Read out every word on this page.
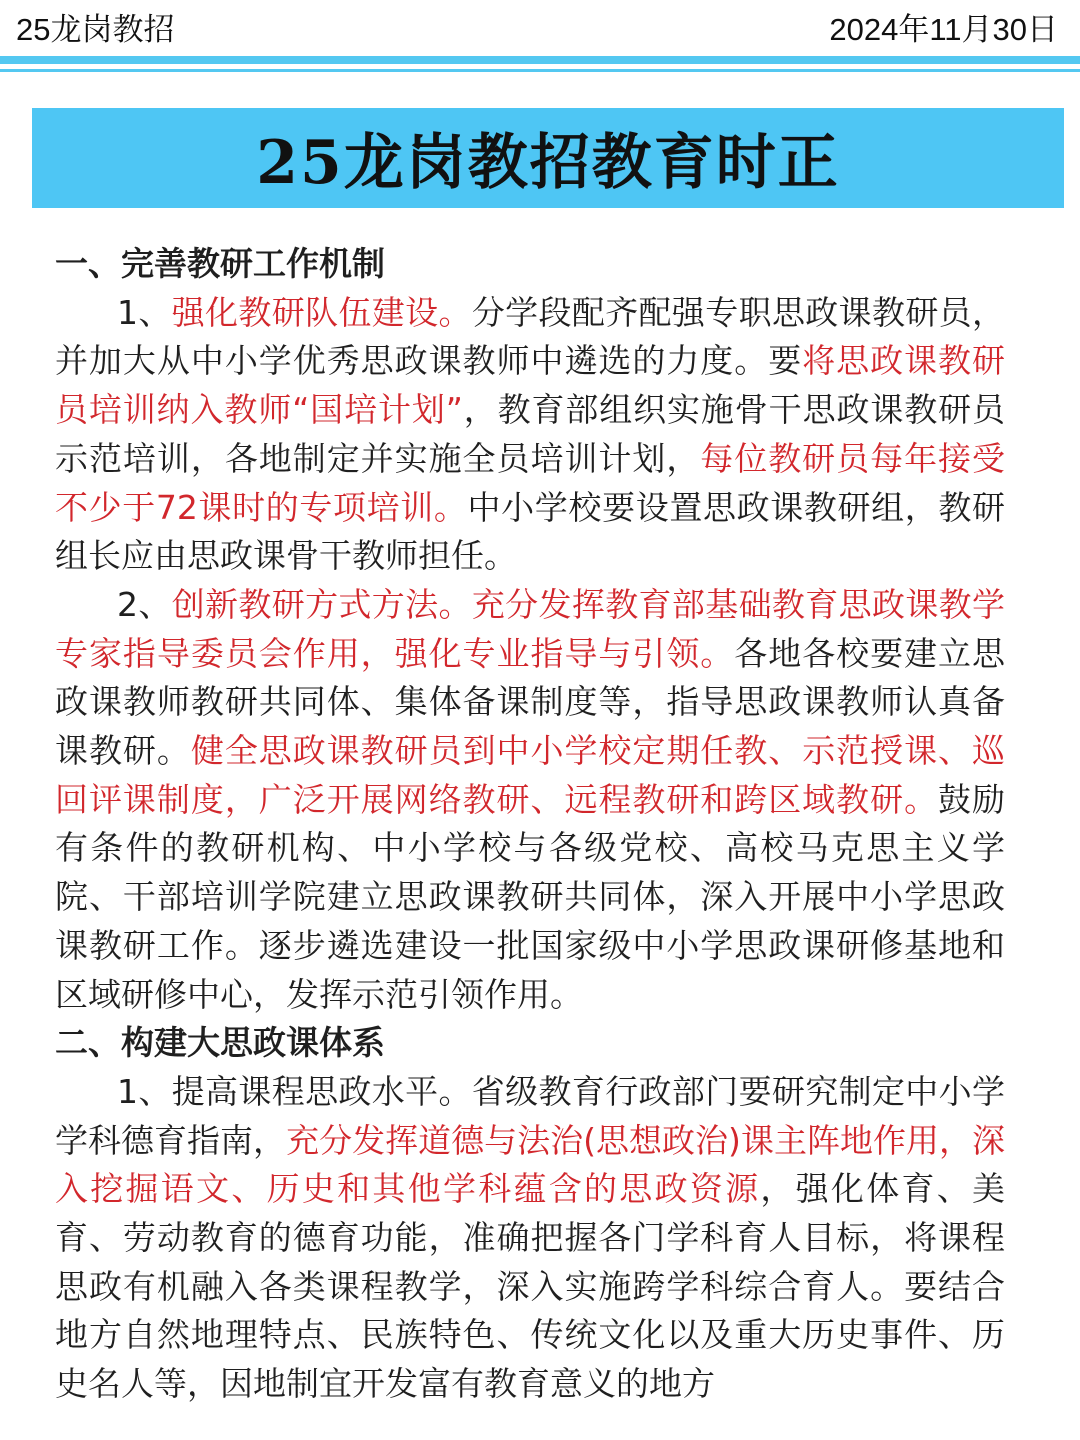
25龙岗教招	2024年11月30日
25龙岗教招教育时正
一、完善教研工作机制

1、强化教研队伍建设。分学段配齐配强专职思政课教研员，并加大从中小学优秀思政课教师中遴选的力度。要将思政课教研员培训纳入教师“国培计划”，教育部组织实施骨干思政课教研员示范培训，各地制定并实施全员培训计划，每位教研员每年接受不少于72课时的专项培训。中小学校要设置思政课教研组，教研组长应由思政课骨干教师担任。

2、创新教研方式方法。充分发挥教育部基础教育思政课教学专家指导委员会作用，强化专业指导与引领。各地各校要建立思政课教师教研共同体、集体备课制度等，指导思政课教师认真备课教研。健全思政课教研员到中小学校定期任教、示范授课、巡回评课制度，广泛开展网络教研、远程教研和跨区域教研。鼓励有条件的教研机构、中小学校与各级党校、高校马克思主义学院、干部培训学院建立思政课教研共同体，深入开展中小学思政课教研工作。逐步遴选建设一批国家级中小学思政课研修基地和区域研修中心，发挥示范引领作用。

二、构建大思政课体系

1、提高课程思政水平。省级教育行政部门要研究制定中小学学科德育指南，充分发挥道德与法治(思想政治)课主阵地作用，深入挖掘语文、历史和其他学科蕴含的思政资源，强化体育、美育、劳动教育的德育功能，准确把握各门学科育人目标，将课程思政有机融入各类课程教学，深入实施跨学科综合育人。要结合地方自然地理特点、民族特色、传统文化以及重大历史事件、历史名人等，因地制宜开发富有教育意义的地方
